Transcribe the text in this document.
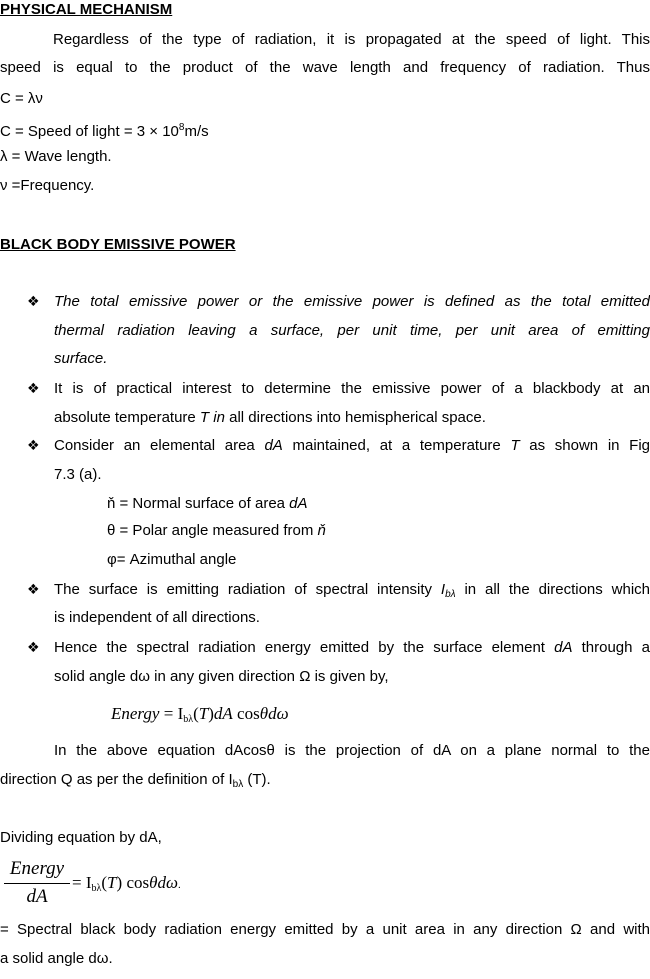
PHYSICAL MECHANISM
Regardless of the type of radiation, it is propagated at the speed of light. This
speed is equal to the product of the wave length and frequency of radiation. Thus
C = λν
C = Speed of light = $3 \times 10^8m/s$
λ = Wave length.
ν =Frequency.
BLACK BODY EMISSIVE POWER
❖ The total emissive power or the emissive power is defined as the total emitted
thermal radiation leaving a surface, per unit time, per unit area of emitting
surface.
❖ It is of practical interest to determine the emissive power of a blackbody at an
absolute temperature T in all directions into hemispherical space.
❖ Consider an elemental area dA maintained, at a temperature T as shown in Fig
7.3 (a).
ň = Normal surface of area dA
θ = Polar angle measured from ň
φ= Azimuthal angle
❖ The surface is emitting radiation of spectral intensity $I_{b\lambda}$ in all the directions which
is independent of all directions.
❖ Hence the spectral radiation energy emitted by the surface element dA through a
solid angle dω in any given direction Ω is given by,
Energy = $I_{b\lambda}(T)dA$ cosθdω
In the above equation dAcosθ is the projection of dA on a plane normal to the
direction Q as per the definition of $I_{b\lambda}$ (T).
Dividing equation by dA,
Energy
dA
= $I_{b\lambda}(T)$ cosθdω.
= Spectral black body radiation energy emitted by a unit area in any direction Ω and with
a solid angle dω.
